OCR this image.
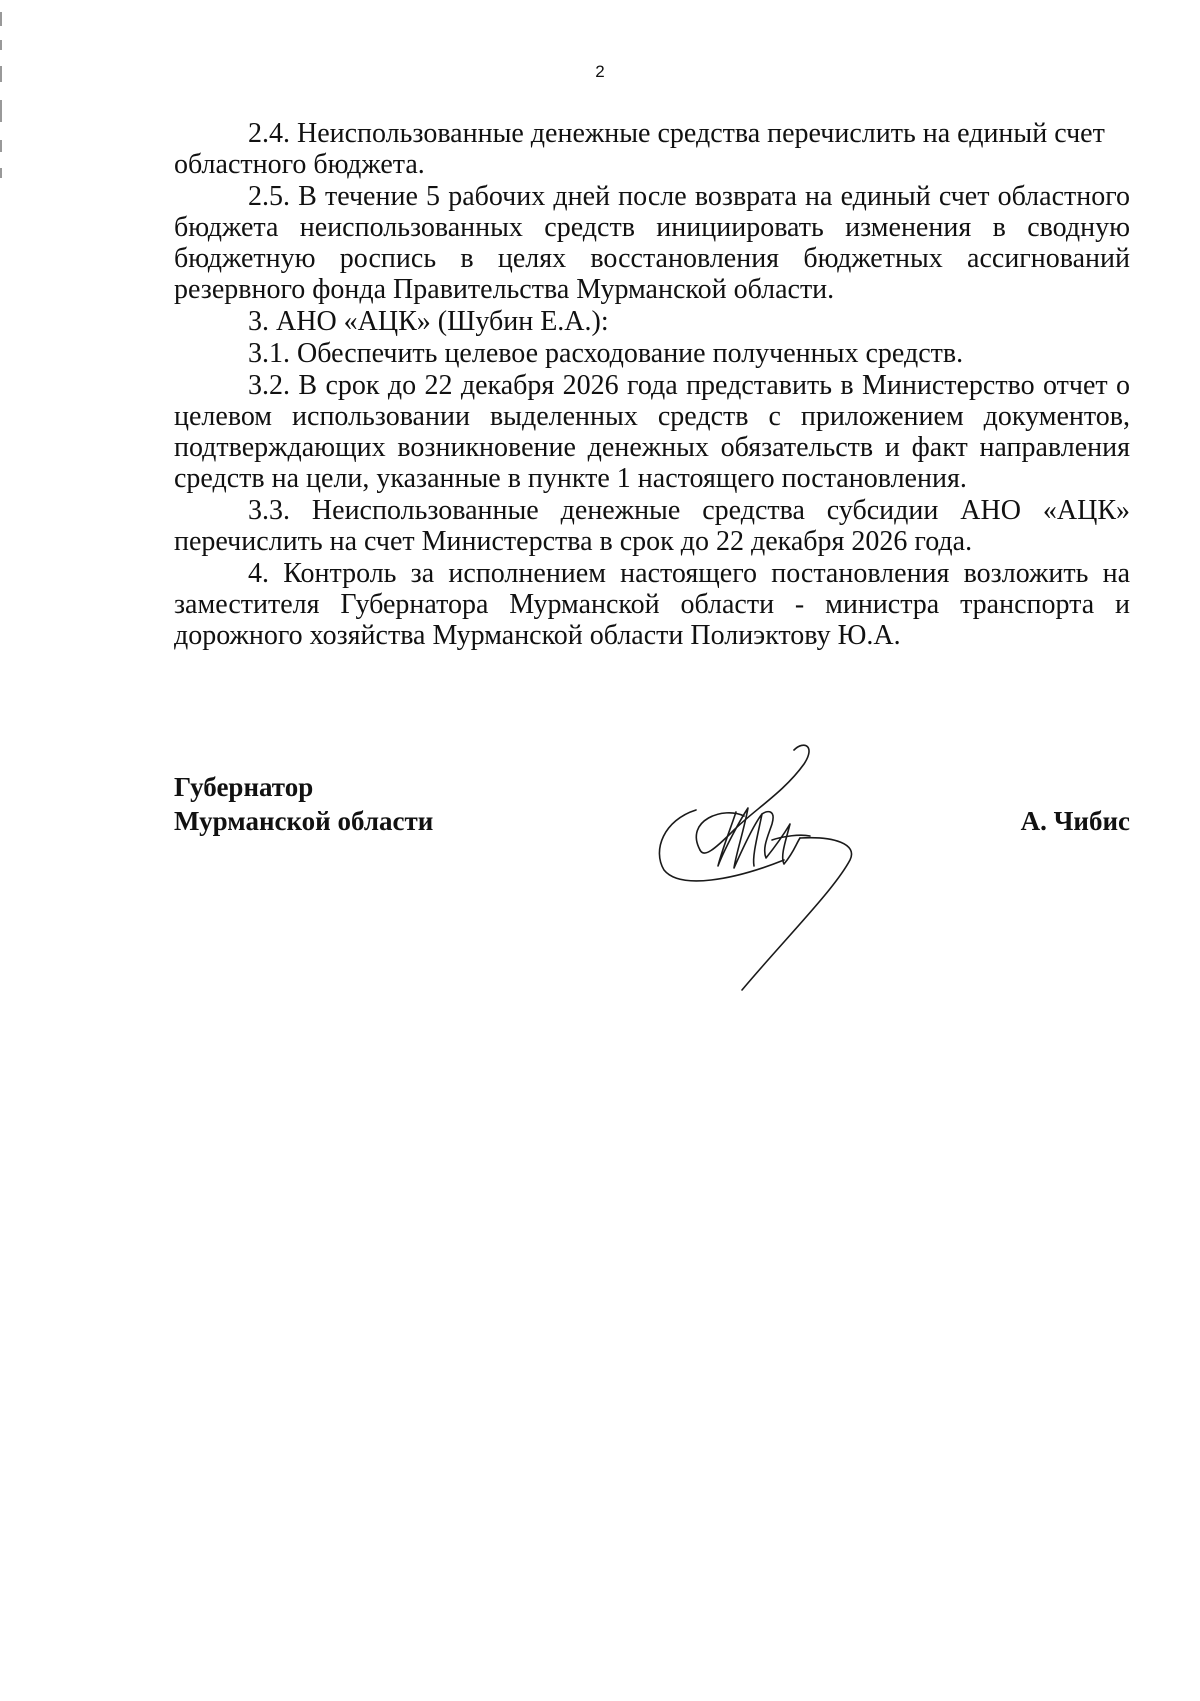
2

2.4. Неиспользованные денежные средства перечислить на единый счет областного бюджета.

2.5. В течение 5 рабочих дней после возврата на единый счет областного бюджета неиспользованных средств инициировать изменения в сводную бюджетную роспись в целях восстановления бюджетных ассигнований резервного фонда Правительства Мурманской области.

3. АНО «АЦК» (Шубин Е.А.):

3.1. Обеспечить целевое расходование полученных средств.

3.2. В срок до 22 декабря 2026 года представить в Министерство отчет о целевом использовании выделенных средств с приложением документов, подтверждающих возникновение денежных обязательств и факт направления средств на цели, указанные в пункте 1 настоящего постановления.

3.3. Неиспользованные денежные средства субсидии АНО «АЦК» перечислить на счет Министерства в срок до 22 декабря 2026 года.

4. Контроль за исполнением настоящего постановления возложить на заместителя Губернатора Мурманской области - министра транспорта и дорожного хозяйства Мурманской области Полиэктову Ю.А.

Губернатор
Мурманской области	А. Чибис
